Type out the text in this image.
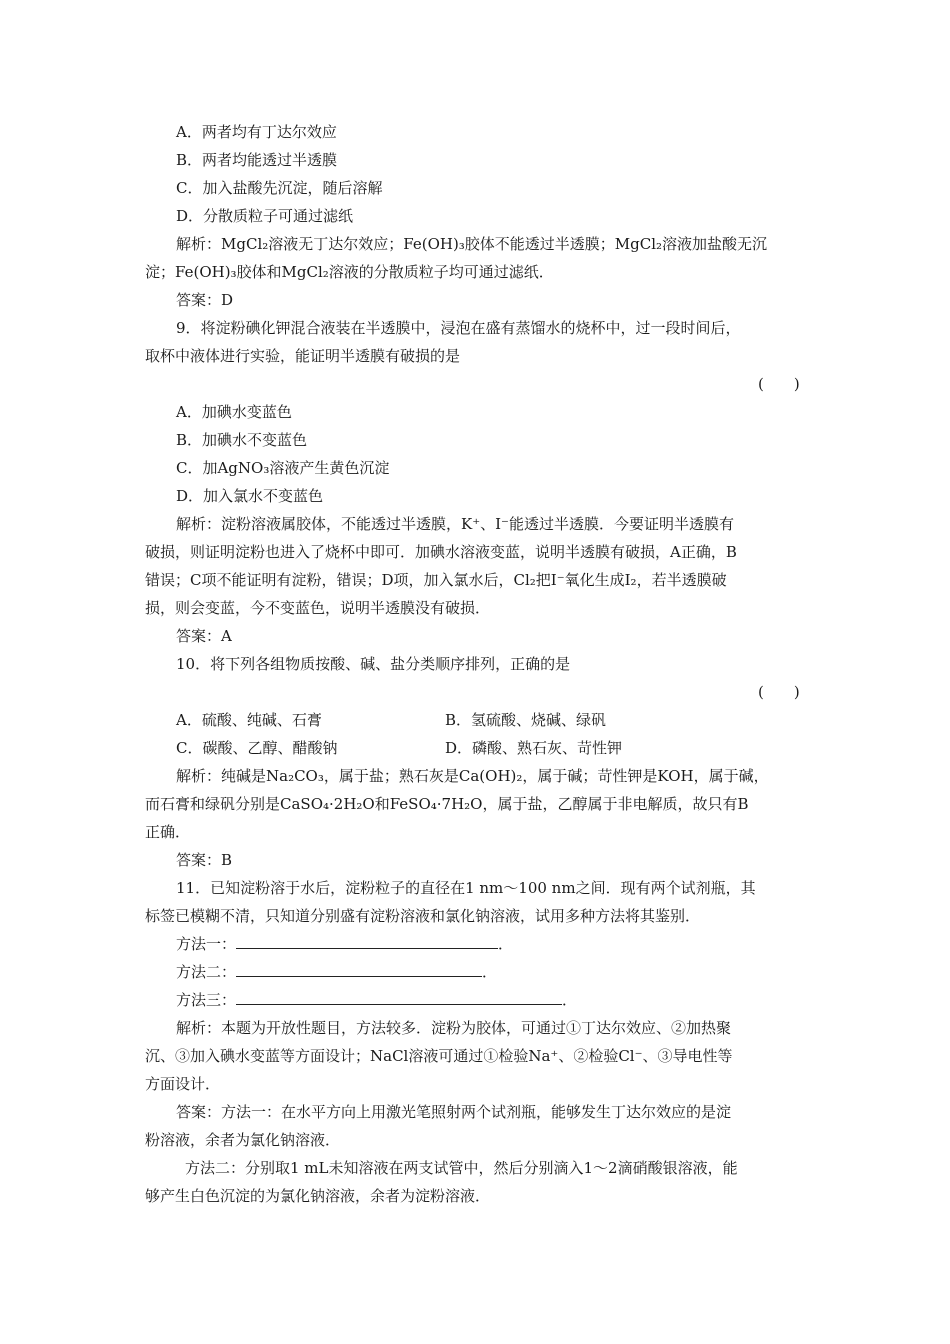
A．两者均有丁达尔效应
B．两者均能透过半透膜
C．加入盐酸先沉淀，随后溶解
D．分散质粒子可通过滤纸
解析：MgCl₂溶液无丁达尔效应；Fe(OH)₃胶体不能透过半透膜；MgCl₂溶液加盐酸无沉
淀；Fe(OH)₃胶体和MgCl₂溶液的分散质粒子均可通过滤纸．
答案：D
9．将淀粉碘化钾混合液装在半透膜中，浸泡在盛有蒸馏水的烧杯中，过一段时间后，
取杯中液体进行实验，能证明半透膜有破损的是
(　　)
A．加碘水变蓝色
B．加碘水不变蓝色
C．加AgNO₃溶液产生黄色沉淀
D．加入氯水不变蓝色
解析：淀粉溶液属胶体，不能透过半透膜，K⁺、I⁻能透过半透膜．今要证明半透膜有
破损，则证明淀粉也进入了烧杯中即可．加碘水溶液变蓝，说明半透膜有破损，A正确，B
错误；C项不能证明有淀粉，错误；D项，加入氯水后，Cl₂把I⁻氧化生成I₂，若半透膜破
损，则会变蓝，今不变蓝色，说明半透膜没有破损．
答案：A
10．将下列各组物质按酸、碱、盐分类顺序排列，正确的是
(　　)
A．硫酸、纯碱、石膏	B．氢硫酸、烧碱、绿矾
C．碳酸、乙醇、醋酸钠	D．磷酸、熟石灰、苛性钾
解析：纯碱是Na₂CO₃，属于盐；熟石灰是Ca(OH)₂，属于碱；苛性钾是KOH，属于碱，
而石膏和绿矾分别是CaSO₄·2H₂O和FeSO₄·7H₂O，属于盐，乙醇属于非电解质，故只有B
正确．
答案：B
11．已知淀粉溶于水后，淀粉粒子的直径在1 nm～100 nm之间．现有两个试剂瓶，其
标签已模糊不清，只知道分别盛有淀粉溶液和氯化钠溶液，试用多种方法将其鉴别．
方法一：	．
方法二：	．
方法三：	．
解析：本题为开放性题目，方法较多．淀粉为胶体，可通过①丁达尔效应、②加热聚
沉、③加入碘水变蓝等方面设计；NaCl溶液可通过①检验Na⁺、②检验Cl⁻、③导电性等
方面设计．
答案：方法一：在水平方向上用激光笔照射两个试剂瓶，能够发生丁达尔效应的是淀
粉溶液，余者为氯化钠溶液．
方法二：分别取1 mL未知溶液在两支试管中，然后分别滴入1～2滴硝酸银溶液，能
够产生白色沉淀的为氯化钠溶液，余者为淀粉溶液．
